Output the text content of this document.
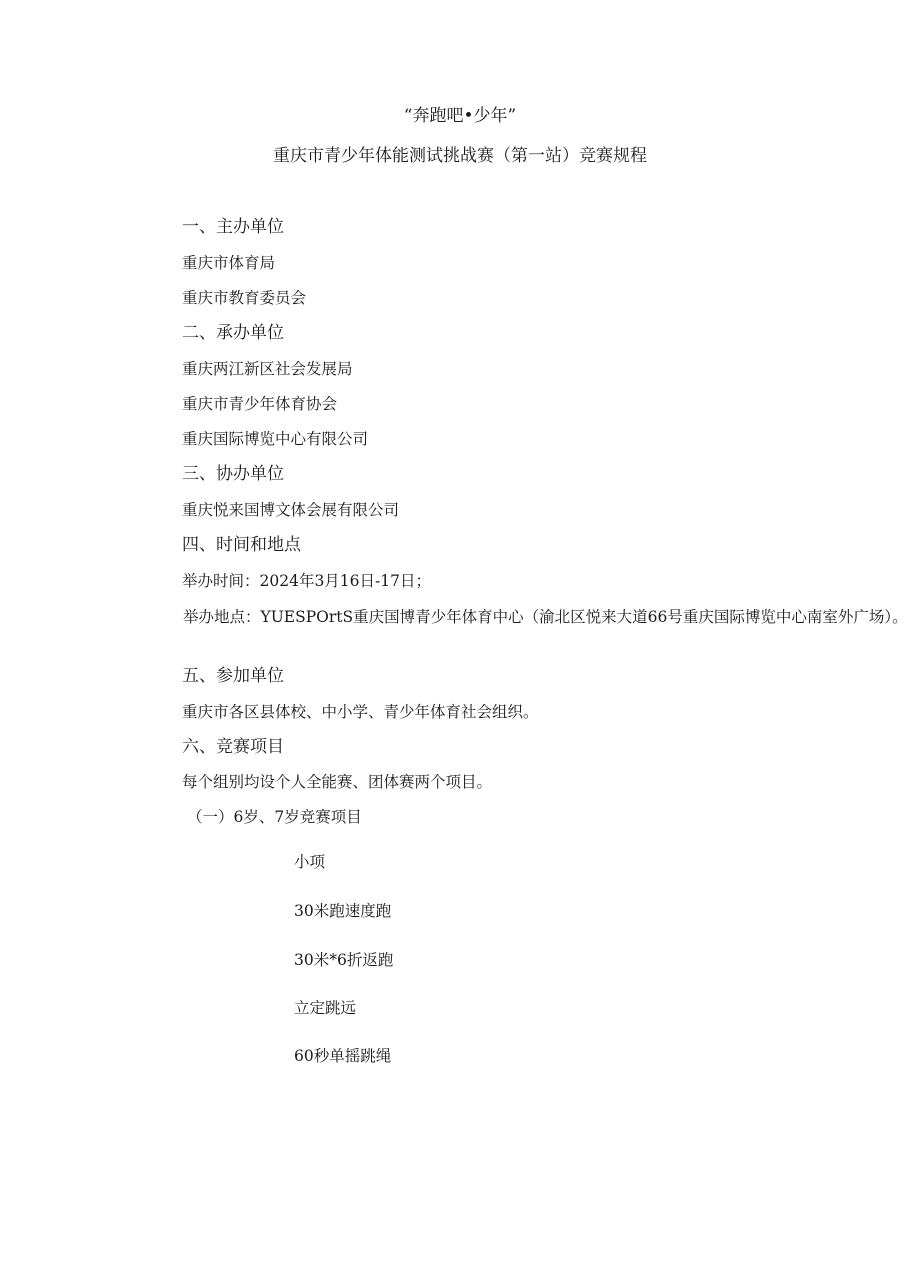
“奔跑吧•少年”
重庆市青少年体能测试挑战赛（第一站）竞赛规程
一、主办单位
重庆市体育局
重庆市教育委员会
二、承办单位
重庆两江新区社会发展局
重庆市青少年体育协会
重庆国际博览中心有限公司
三、协办单位
重庆悦来国博文体会展有限公司
四、时间和地点
举办时间：2024年3月16日-17日；
举办地点：YUESPOrtS重庆国博青少年体育中心（渝北区悦来大道66号重庆国际博览中心南室外广场）。
五、参加单位
重庆市各区县体校、中小学、青少年体育社会组织。
六、竞赛项目
每个组别均设个人全能赛、团体赛两个项目。
（一）6岁、7岁竞赛项目
小项
30米跑速度跑
30米*6折返跑
立定跳远
60秒单摇跳绳
